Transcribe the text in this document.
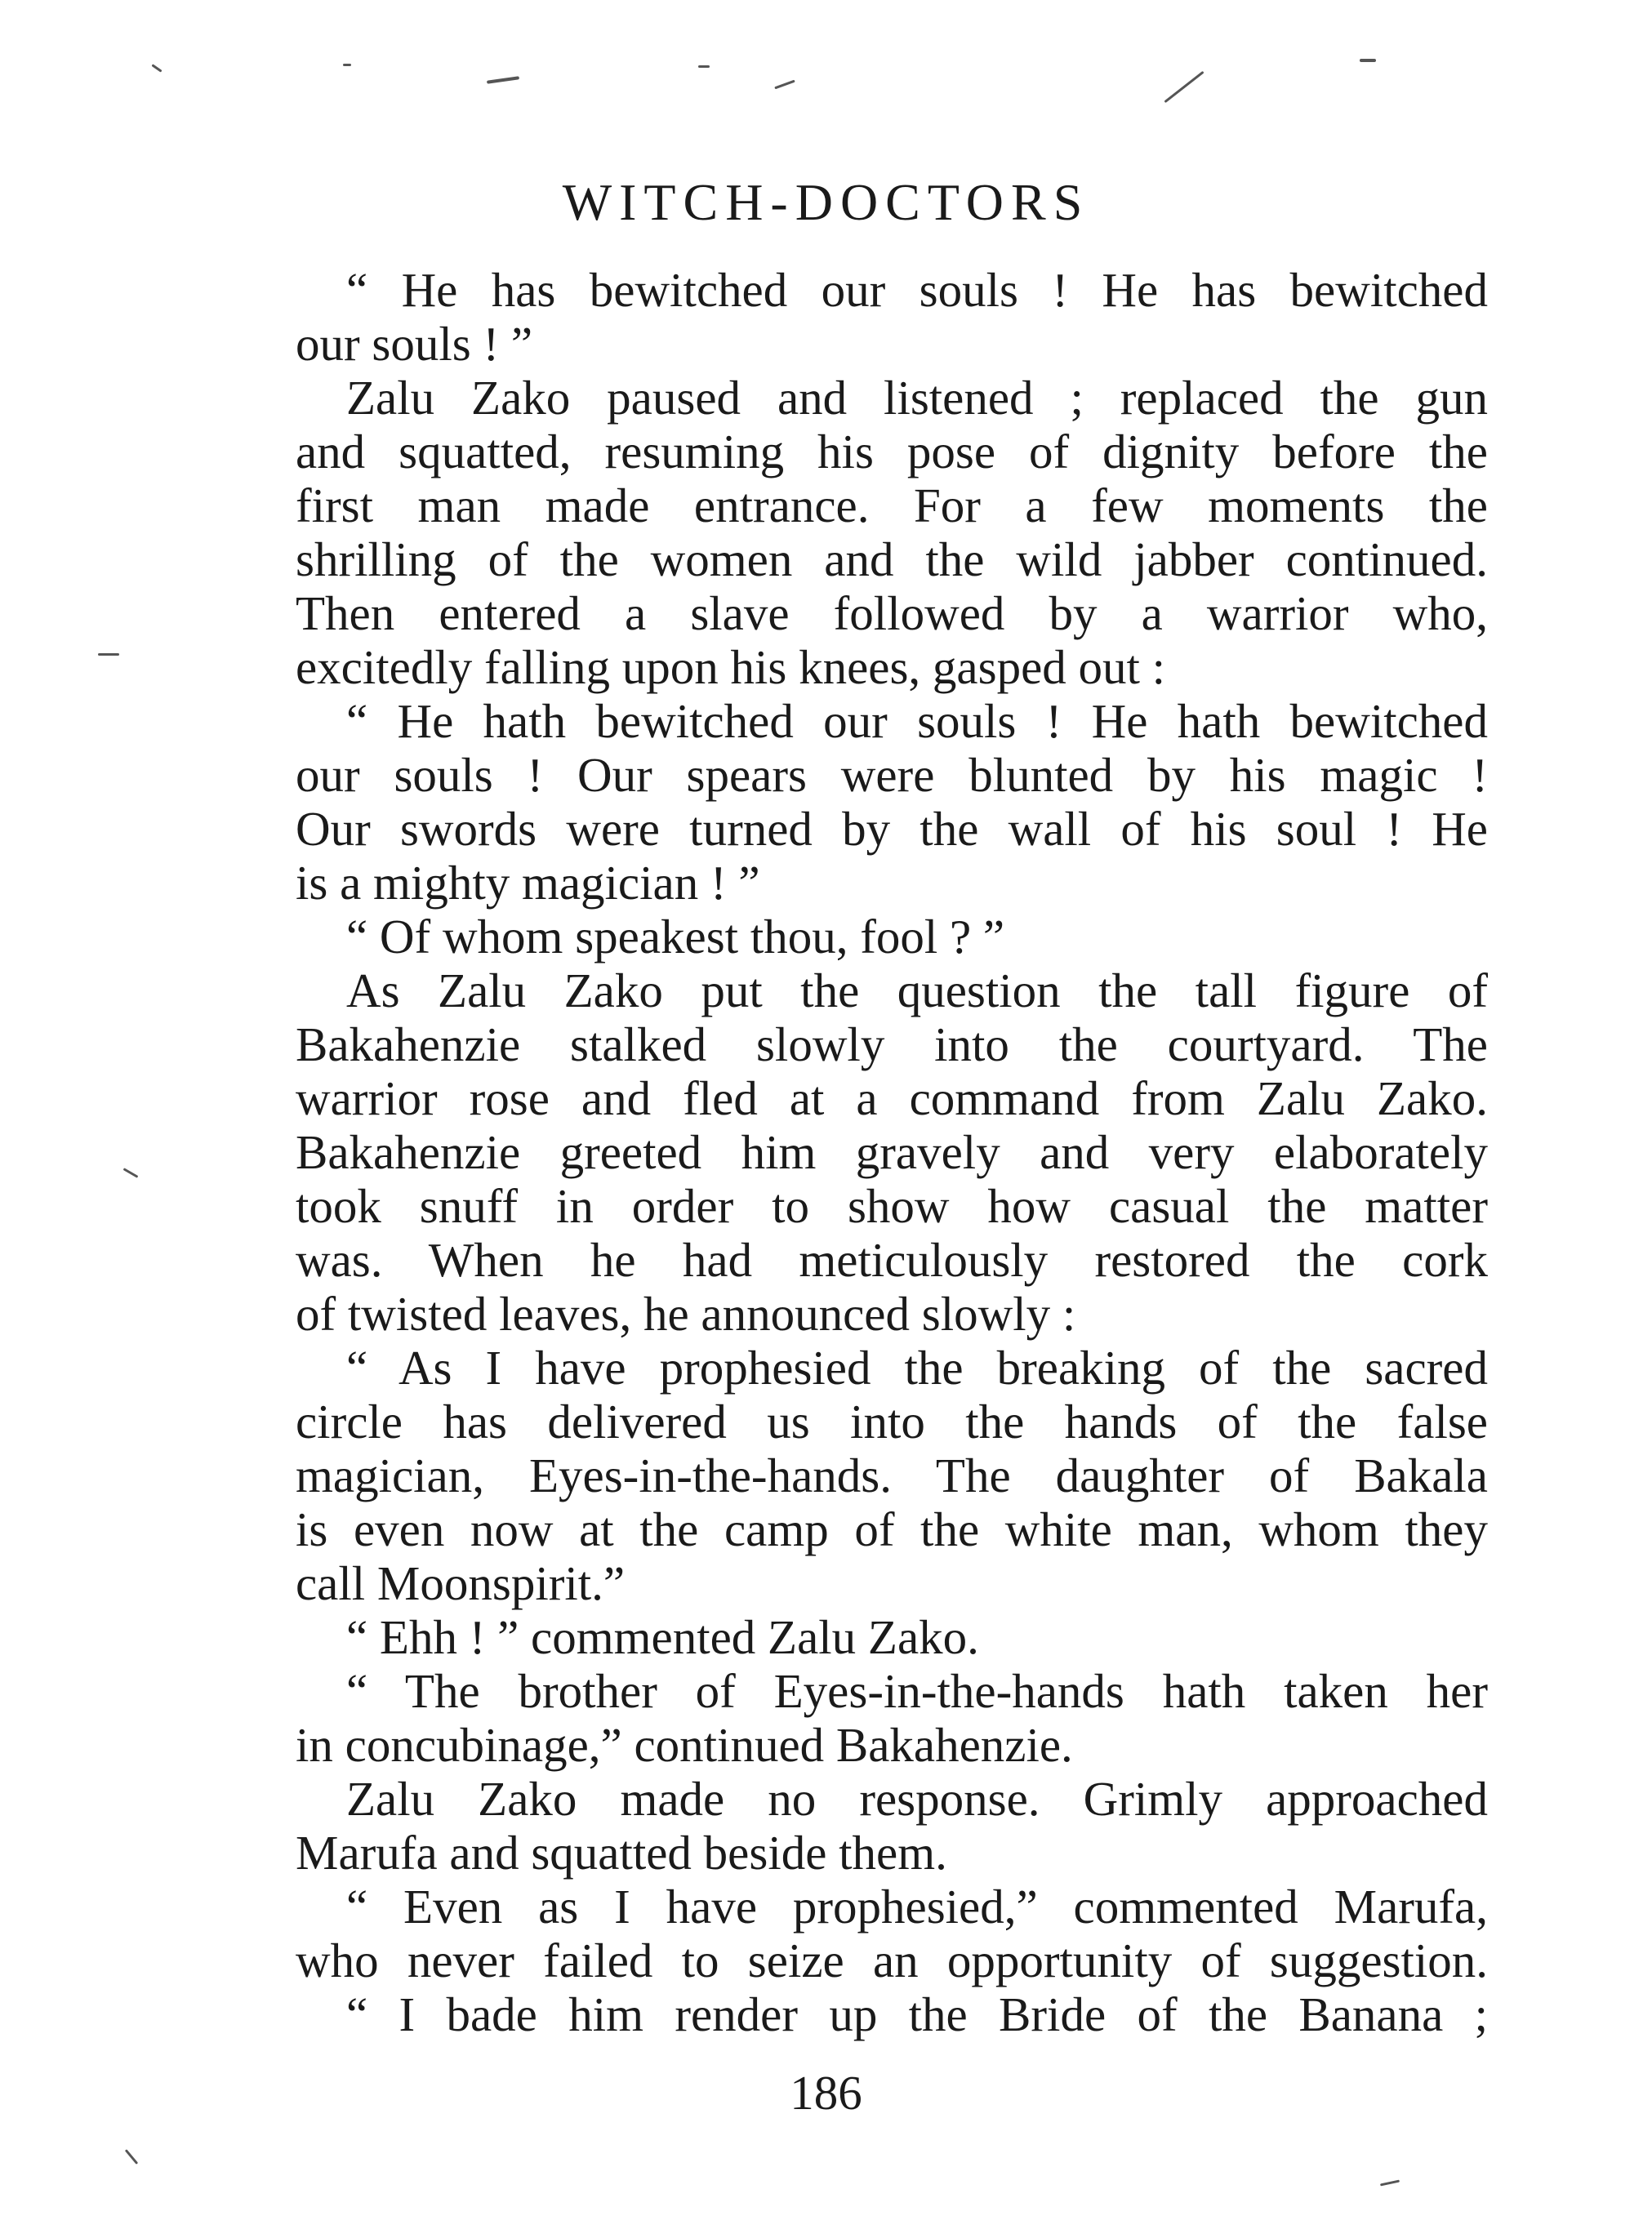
WITCH-DOCTORS
“ He has bewitched our souls ! He has bewitched
our souls ! ”
Zalu Zako paused and listened ; replaced the gun
and squatted, resuming his pose of dignity before the
first man made entrance. For a few moments the
shrilling of the women and the wild jabber continued.
Then entered a slave followed by a warrior who,
excitedly falling upon his knees, gasped out :
“ He hath bewitched our souls ! He hath bewitched
our souls ! Our spears were blunted by his magic !
Our swords were turned by the wall of his soul ! He
is a mighty magician ! ”
“ Of whom speakest thou, fool ? ”
As Zalu Zako put the question the tall figure of
Bakahenzie stalked slowly into the courtyard. The
warrior rose and fled at a command from Zalu Zako.
Bakahenzie greeted him gravely and very elaborately
took snuff in order to show how casual the matter
was. When he had meticulously restored the cork
of twisted leaves, he announced slowly :
“ As I have prophesied the breaking of the sacred
circle has delivered us into the hands of the false
magician, Eyes-in-the-hands. The daughter of Bakala
is even now at the camp of the white man, whom they
call Moonspirit.”
“ Ehh ! ” commented Zalu Zako.
“ The brother of Eyes-in-the-hands hath taken her
in concubinage,” continued Bakahenzie.
Zalu Zako made no response. Grimly approached
Marufa and squatted beside them.
“ Even as I have prophesied,” commented Marufa,
who never failed to seize an opportunity of suggestion.
“ I bade him render up the Bride of the Banana ;
186
